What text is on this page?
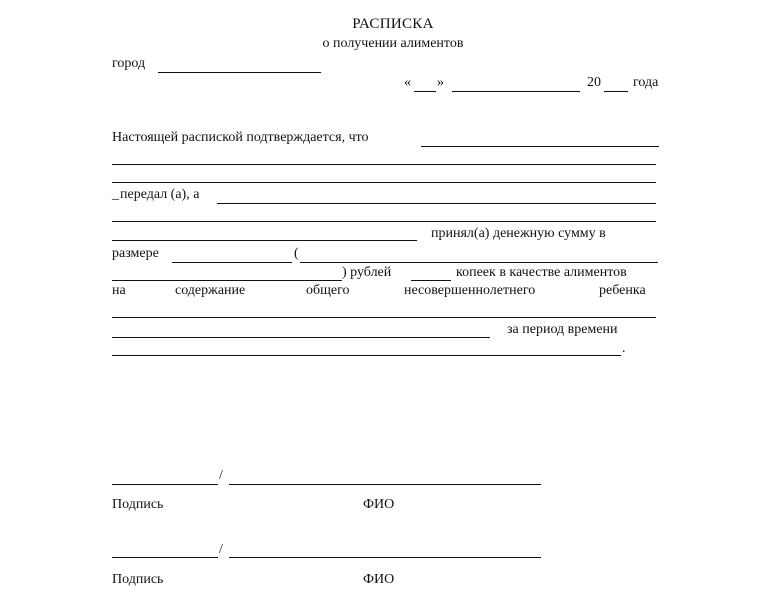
РАСПИСКА
о получении алиментов
город
« »	20 года
Настоящей распиской подтверждается, что
_ передал (а), а
принял(а) денежную сумму в
размере	(
) рублей	копеек в качестве алиментов
на	содержание	общего	несовершеннолетнего	ребенка
за период времени
.
/
Подпись	ФИО
/
Подпись	ФИО
